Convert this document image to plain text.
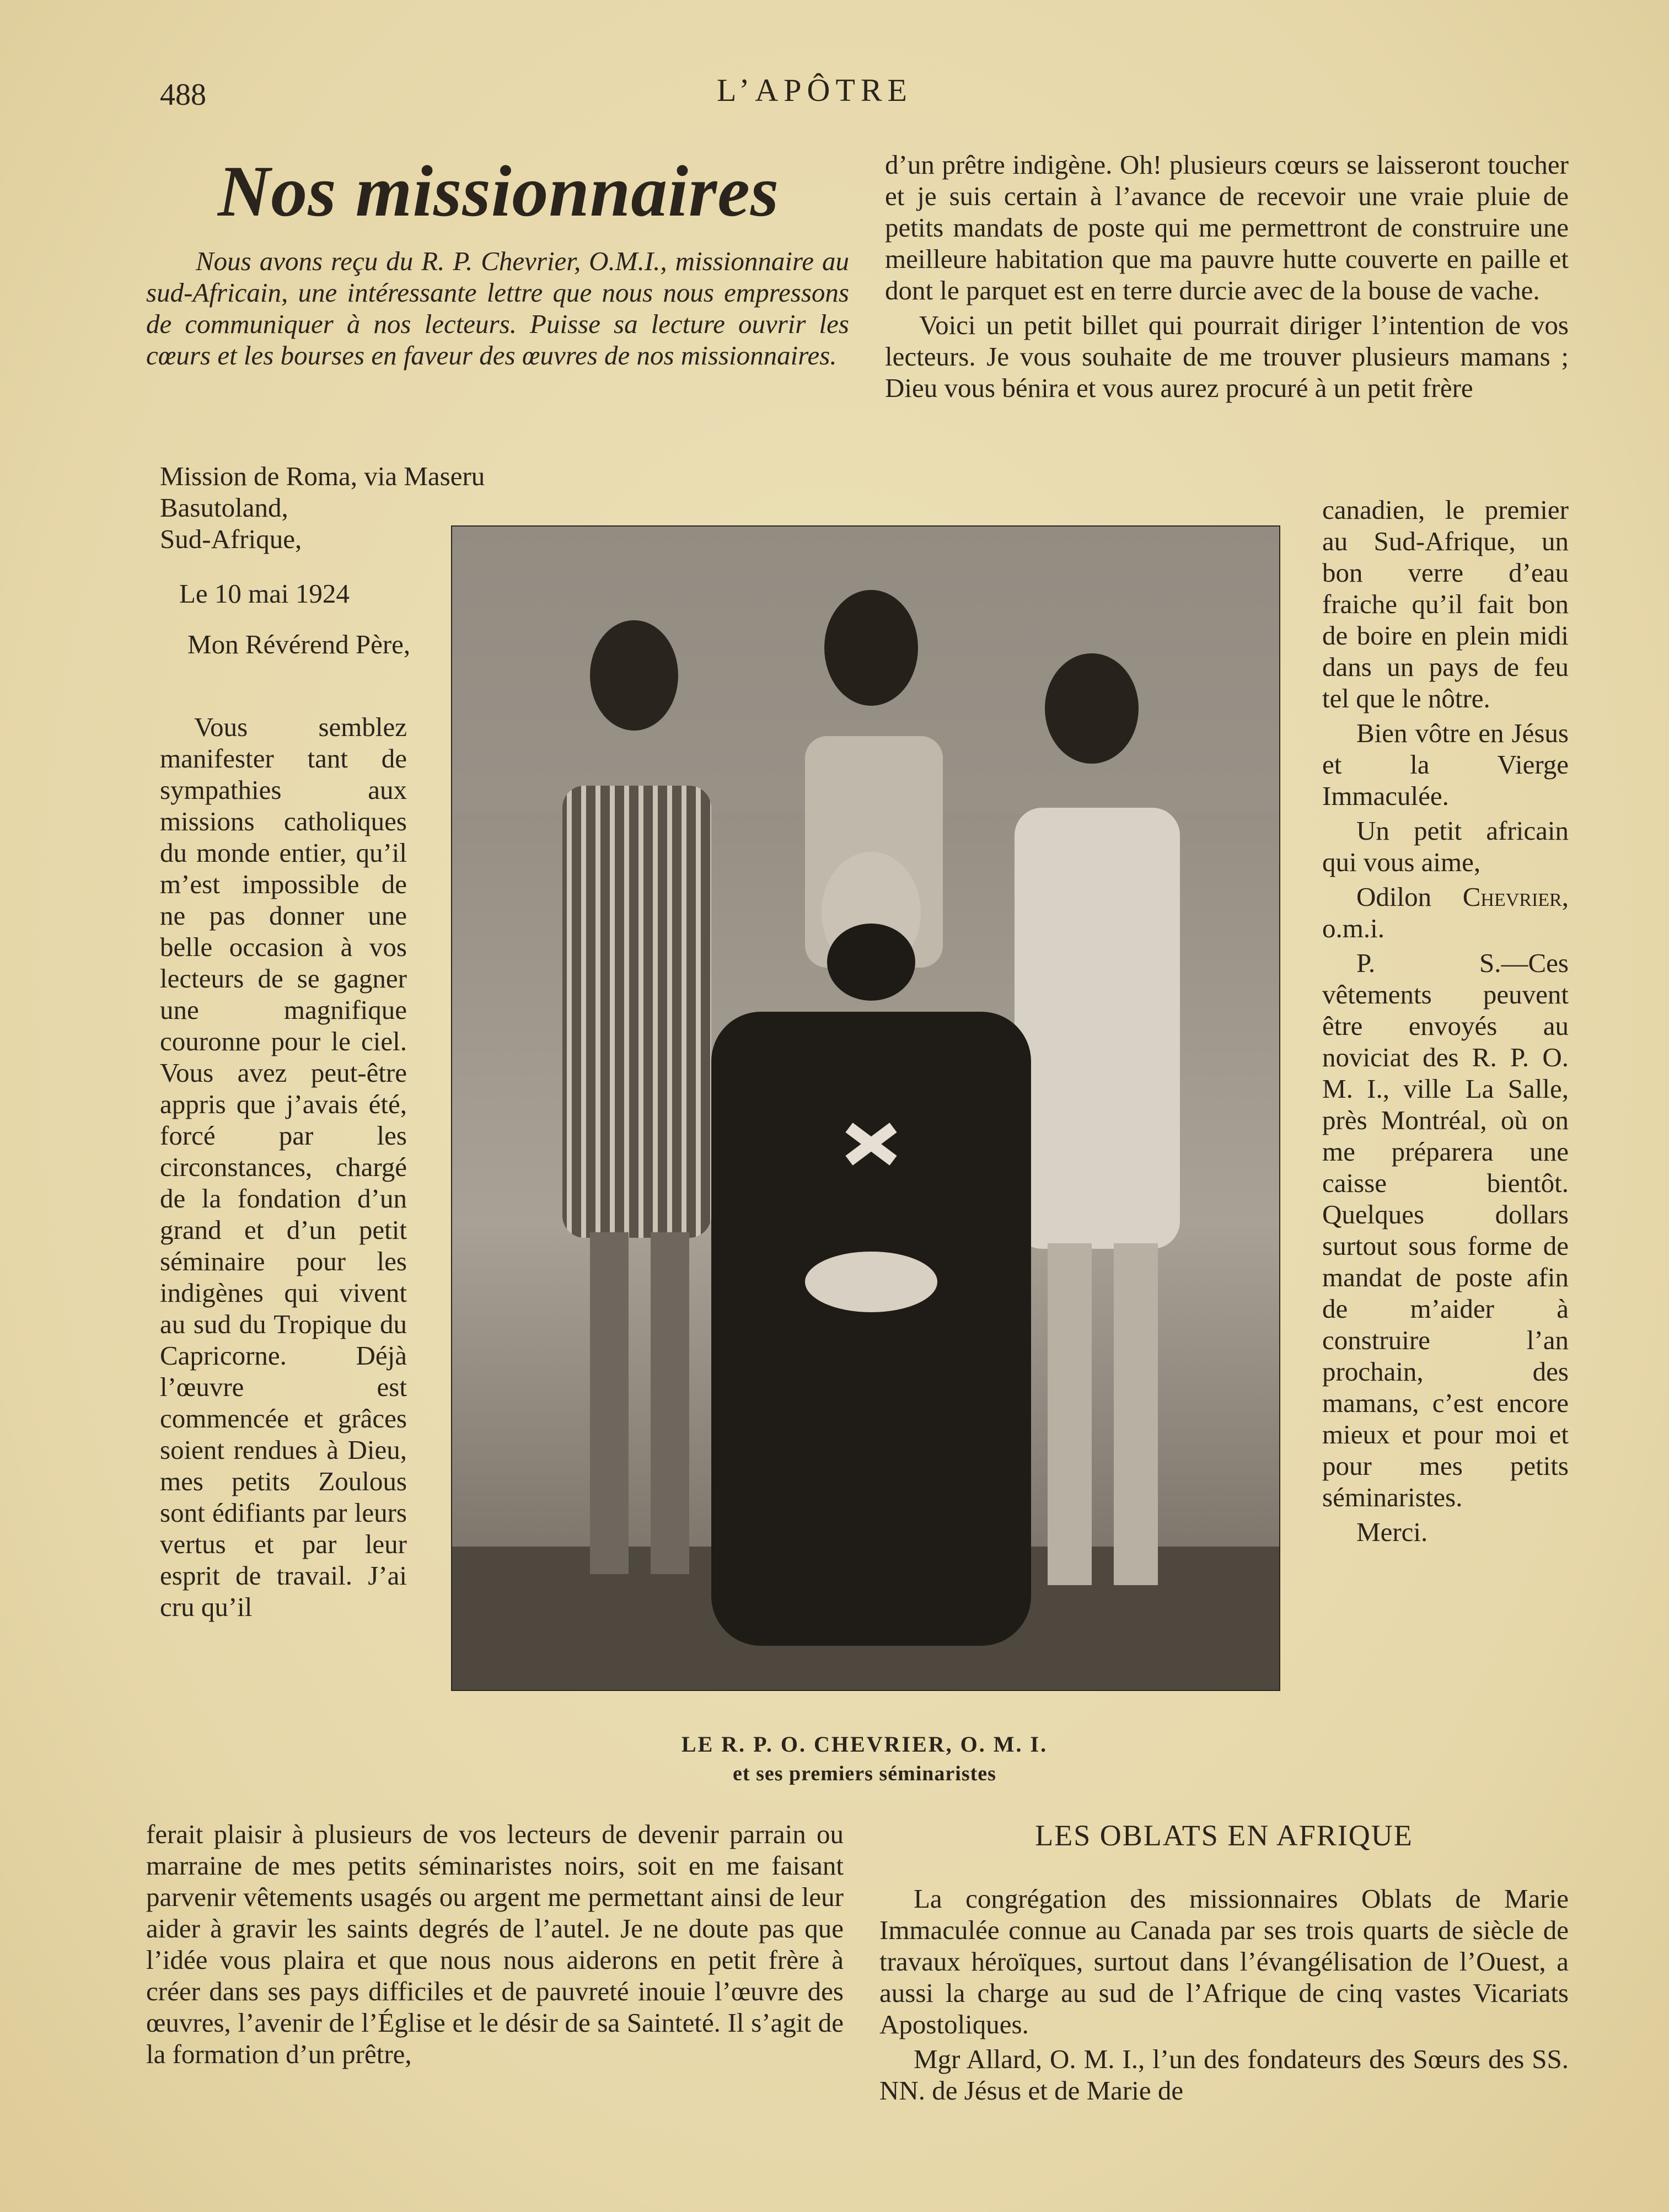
488	L’APÔTRE
Nos missionnaires

Nous avons reçu du R. P. Chevrier, O.M.I., missionnaire au sud-Africain, une intéressante lettre que nous nous empressons de communiquer à nos lecteurs. Puisse sa lecture ouvrir les cœurs et les bourses en faveur des œuvres de nos missionnaires.

Mission de Roma, via Maseru
Basutoland,
Sud-Afrique,
Le 10 mai 1924
Mon Révérend Père,

Vous semblez manifester tant de sympathies aux missions catholiques du monde entier, qu’il m’est impossible de ne pas donner une belle occasion à vos lecteurs de se gagner une magnifique couronne pour le ciel. Vous avez peut-être appris que j’avais été, forcé par les circonstances, chargé de la fondation d’un grand et d’un petit séminaire pour les indigènes qui vivent au sud du Tropique du Capricorne. Déjà l’œuvre est commencée et grâces soient rendues à Dieu, mes petits Zoulous sont édifiants par leurs vertus et par leur esprit de travail. J’ai cru qu’il

ferait plaisir à plusieurs de vos lecteurs de devenir parrain ou marraine de mes petits séminaristes noirs, soit en me faisant parvenir vêtements usagés ou argent me permettant ainsi de leur aider à gravir les saints degrés de l’autel. Je ne doute pas que l’idée vous plaira et que nous nous aiderons en petit frère à créer dans ses pays difficiles et de pauvreté inouie l’œuvre des œuvres, l’avenir de l’Église et le désir de sa Sainteté. Il s’agit de la formation d’un prêtre,

d’un prêtre indigène. Oh! plusieurs cœurs se laisseront toucher et je suis certain à l’avance de recevoir une vraie pluie de petits mandats de poste qui me permettront de construire une meilleure habitation que ma pauvre hutte couverte en paille et dont le parquet est en terre durcie avec de la bouse de vache.

Voici un petit billet qui pourrait diriger l’intention de vos lecteurs. Je vous souhaite de me trouver plusieurs mamans ; Dieu vous bénira et vous aurez procuré à un petit frère

canadien, le premier au Sud-Afrique, un bon verre d’eau fraiche qu’il fait bon de boire en plein midi dans un pays de feu tel que le nôtre.

Bien vôtre en Jésus et la Vierge Immaculée.

Un petit africain qui vous aime,

Odilon Chevrier, o.m.i.

P. S.—Ces vêtements peuvent être envoyés au noviciat des R. P. O. M. I., ville La Salle, près Montréal, où on me préparera une caisse bientôt. Quelques dollars surtout sous forme de mandat de poste afin de m’aider à construire l’an prochain, des mamans, c’est encore mieux et pour moi et pour mes petits séminaristes.

Merci.

LE R. P. O. CHEVRIER, O. M. I.
et ses premiers séminaristes
LES OBLATS EN AFRIQUE

La congrégation des missionnaires Oblats de Marie Immaculée connue au Canada par ses trois quarts de siècle de travaux héroïques, surtout dans l’évangélisation de l’Ouest, a aussi la charge au sud de l’Afrique de cinq vastes Vicariats Apostoliques.

Mgr Allard, O. M. I., l’un des fondateurs des Sœurs des SS. NN. de Jésus et de Marie de
